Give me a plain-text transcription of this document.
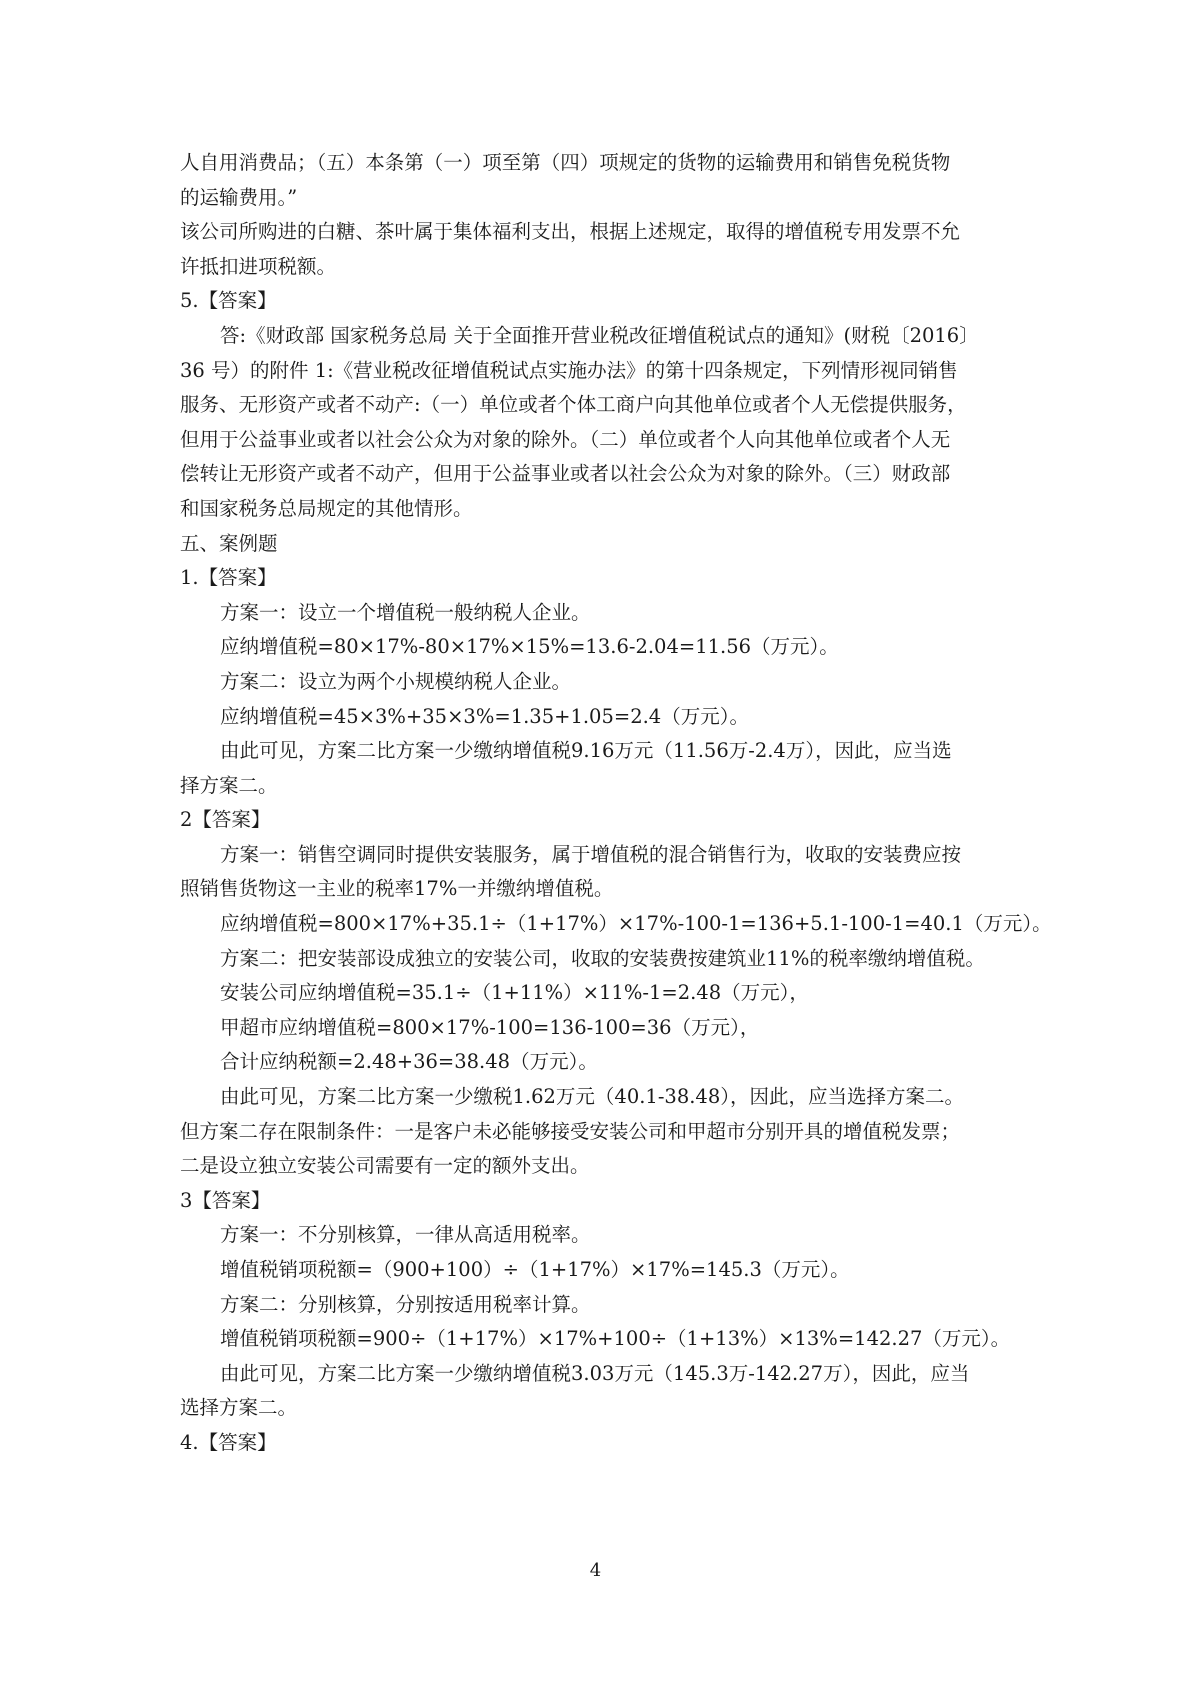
人自用消费品；（五）本条第（一）项至第（四）项规定的货物的运输费用和销售免税货物
的运输费用。”
该公司所购进的白糖、茶叶属于集体福利支出，根据上述规定，取得的增值税专用发票不允
许抵扣进项税额。
5.【答案】
答:《财政部 国家税务总局 关于全面推开营业税改征增值税试点的通知》(财税〔2016〕
36 号）的附件 1:《营业税改征增值税试点实施办法》的第十四条规定，下列情形视同销售
服务、无形资产或者不动产:（一）单位或者个体工商户向其他单位或者个人无偿提供服务，
但用于公益事业或者以社会公众为对象的除外。（二）单位或者个人向其他单位或者个人无
偿转让无形资产或者不动产，但用于公益事业或者以社会公众为对象的除外。（三）财政部
和国家税务总局规定的其他情形。
五、案例题
1.【答案】
方案一：设立一个增值税一般纳税人企业。
应纳增值税=80×17%-80×17%×15%=13.6-2.04=11.56（万元）。
方案二：设立为两个小规模纳税人企业。
应纳增值税=45×3%+35×3%=1.35+1.05=2.4（万元）。
由此可见，方案二比方案一少缴纳增值税9.16万元（11.56万-2.4万），因此，应当选
择方案二。
2【答案】
方案一：销售空调同时提供安装服务，属于增值税的混合销售行为，收取的安装费应按
照销售货物这一主业的税率17%一并缴纳增值税。
应纳增值税=800×17%+35.1÷（1+17%）×17%-100-1=136+5.1-100-1=40.1（万元）。
方案二：把安装部设成独立的安装公司，收取的安装费按建筑业11%的税率缴纳增值税。
安装公司应纳增值税=35.1÷（1+11%）×11%-1=2.48（万元），
甲超市应纳增值税=800×17%-100=136-100=36（万元），
合计应纳税额=2.48+36=38.48（万元）。
由此可见，方案二比方案一少缴税1.62万元（40.1-38.48），因此，应当选择方案二。
但方案二存在限制条件：一是客户未必能够接受安装公司和甲超市分别开具的增值税发票；
二是设立独立安装公司需要有一定的额外支出。
3【答案】
方案一：不分别核算，一律从高适用税率。
增值税销项税额=（900+100）÷（1+17%）×17%=145.3（万元）。
方案二：分别核算，分别按适用税率计算。
增值税销项税额=900÷（1+17%）×17%+100÷（1+13%）×13%=142.27（万元）。
由此可见，方案二比方案一少缴纳增值税3.03万元（145.3万-142.27万），因此，应当
选择方案二。
4.【答案】
4
